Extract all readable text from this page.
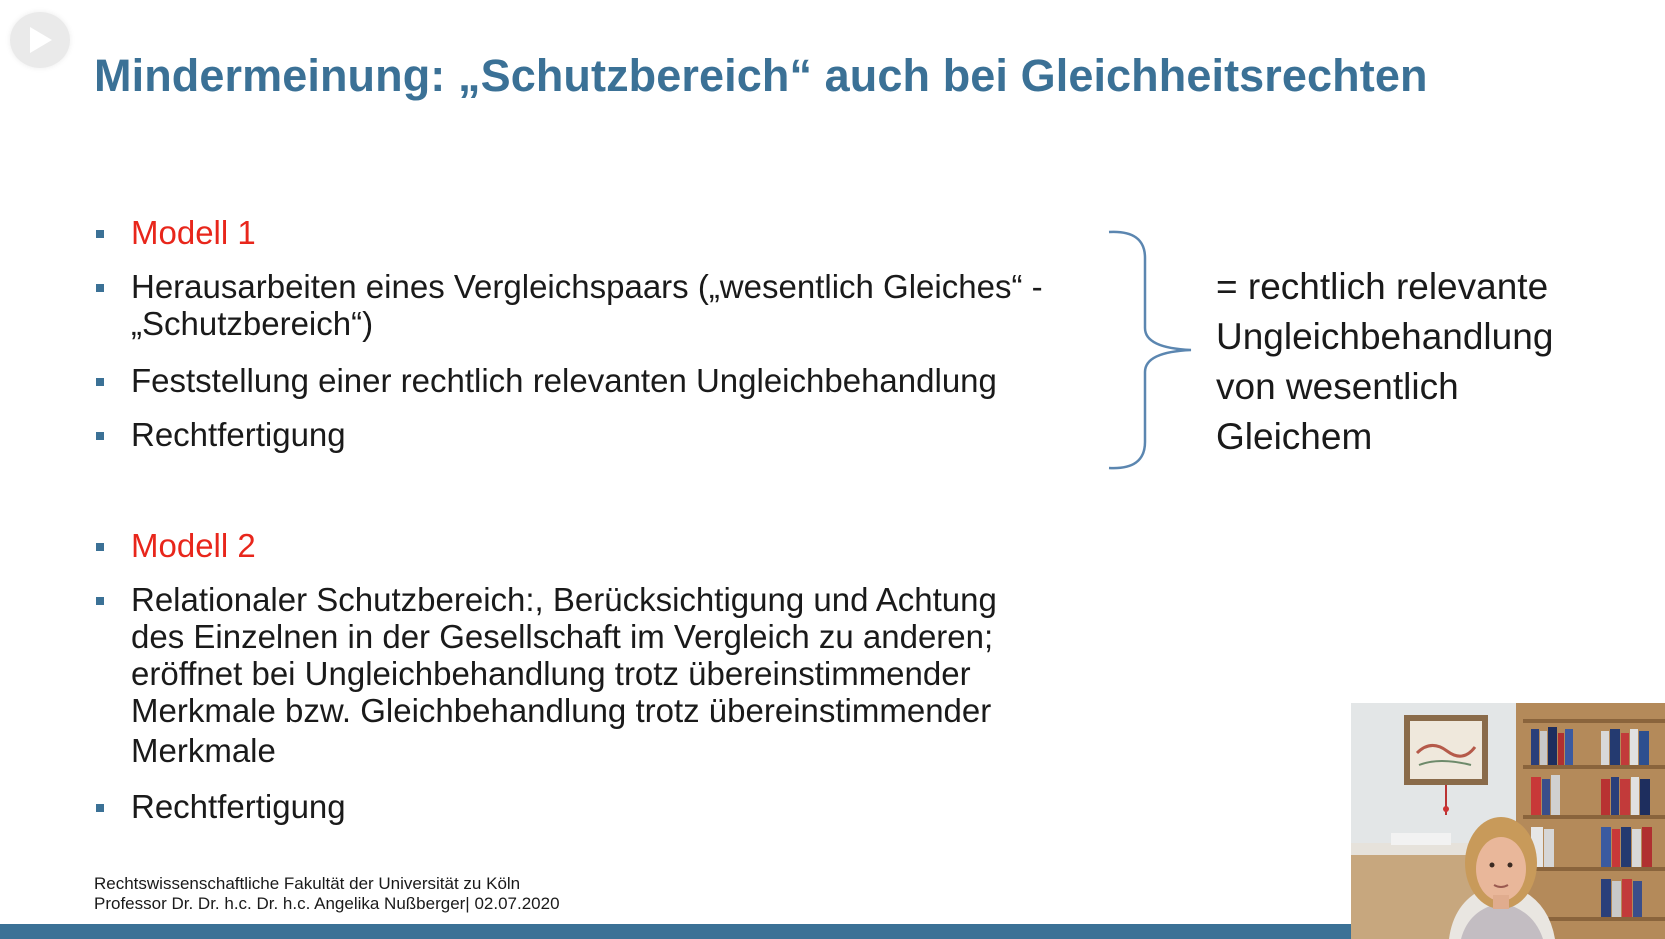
Mindermeinung: „Schutzbereich“ auch bei Gleichheitsrechten
Modell 1
Herausarbeiten eines Vergleichspaars („wesentlich Gleiches“ -
„Schutzbereich“)
Feststellung einer rechtlich relevanten Ungleichbehandlung
Rechtfertigung
Modell 2
Relationaler Schutzbereich:, Berücksichtigung und Achtung
des Einzelnen in der Gesellschaft im Vergleich zu anderen;
eröffnet bei Ungleichbehandlung trotz übereinstimmender
Merkmale bzw. Gleichbehandlung trotz übereinstimmender
Merkmale
Rechtfertigung
= rechtlich relevante
Ungleichbehandlung
von wesentlich
Gleichem
Rechtswissenschaftliche Fakultät der Universität zu Köln
Professor Dr. Dr. h.c. Dr. h.c. Angelika Nußberger| 02.07.2020
